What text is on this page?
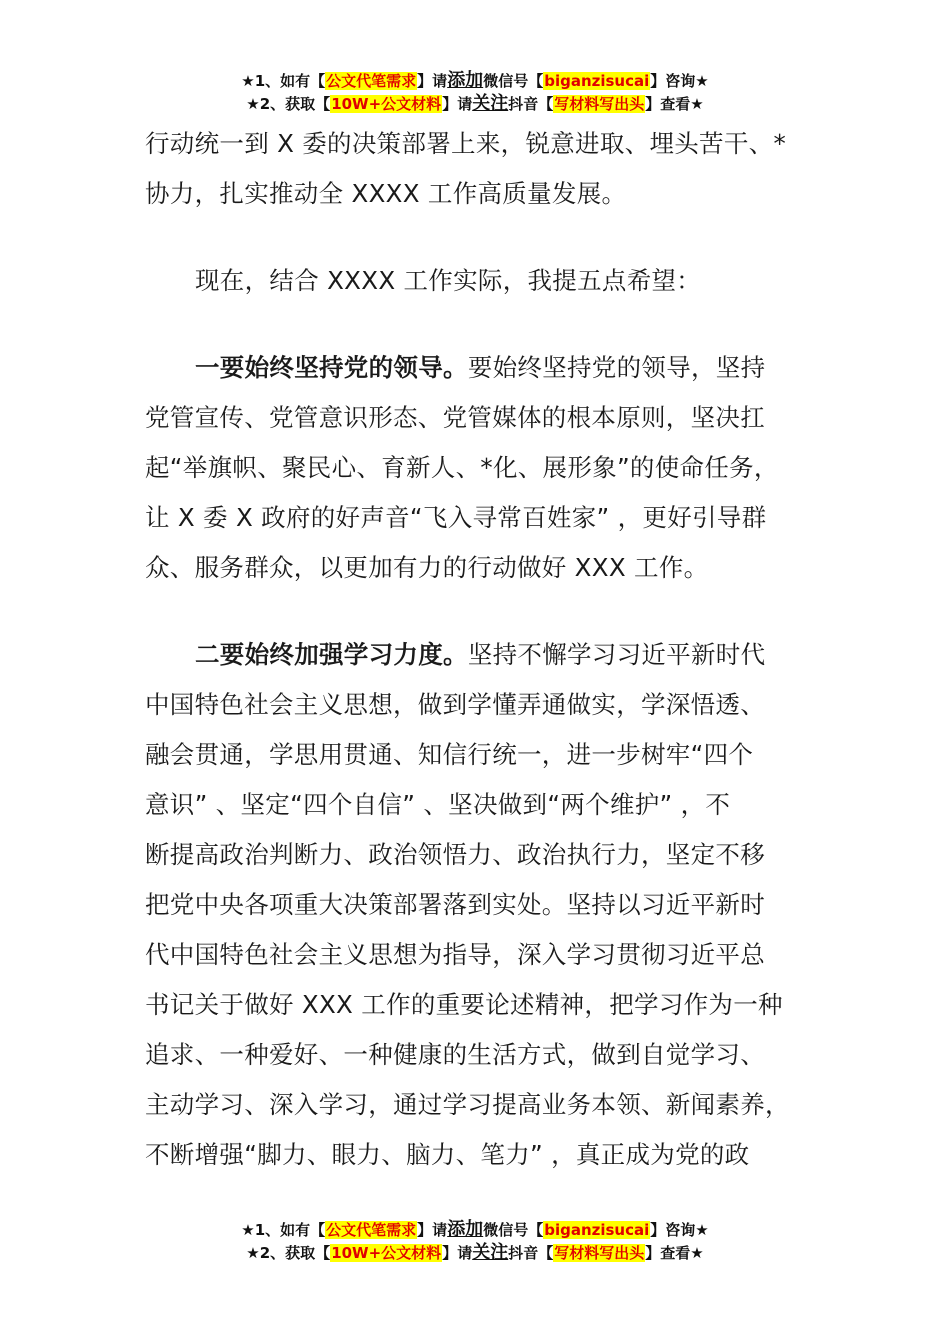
★1、如有【公文代笔需求】请添加微信号【biganzisucai】咨询★
★2、获取【10W+公文材料】请关注抖音【写材料写出头】查看★

行动统一到 X 委的决策部署上来，锐意进取、埋头苦干、*

协力，扎实推动全 XXXX 工作高质量发展。

现在，结合 XXXX 工作实际，我提五点希望：

一要始终坚持党的领导。要始终坚持党的领导，坚持

党管宣传、党管意识形态、党管媒体的根本原则，坚决扛

起“举旗帜、聚民心、育新人、*化、展形象”的使命任务，

让 X 委 X 政府的好声音“飞入寻常百姓家” ，更好引导群

众、服务群众，以更加有力的行动做好 XXX 工作。

二要始终加强学习力度。坚持不懈学习习近平新时代

中国特色社会主义思想，做到学懂弄通做实，学深悟透、

融会贯通，学思用贯通、知信行统一，进一步树牢“四个

意识” 、坚定“四个自信” 、坚决做到“两个维护” ，不

断提高政治判断力、政治领悟力、政治执行力，坚定不移

把党中央各项重大决策部署落到实处。坚持以习近平新时

代中国特色社会主义思想为指导，深入学习贯彻习近平总

书记关于做好 XXX 工作的重要论述精神，把学习作为一种

追求、一种爱好、一种健康的生活方式，做到自觉学习、

主动学习、深入学习，通过学习提高业务本领、新闻素养，

不断增强“脚力、眼力、脑力、笔力” ，真正成为党的政

★1、如有【公文代笔需求】请添加微信号【biganzisucai】咨询★
★2、获取【10W+公文材料】请关注抖音【写材料写出头】查看★
